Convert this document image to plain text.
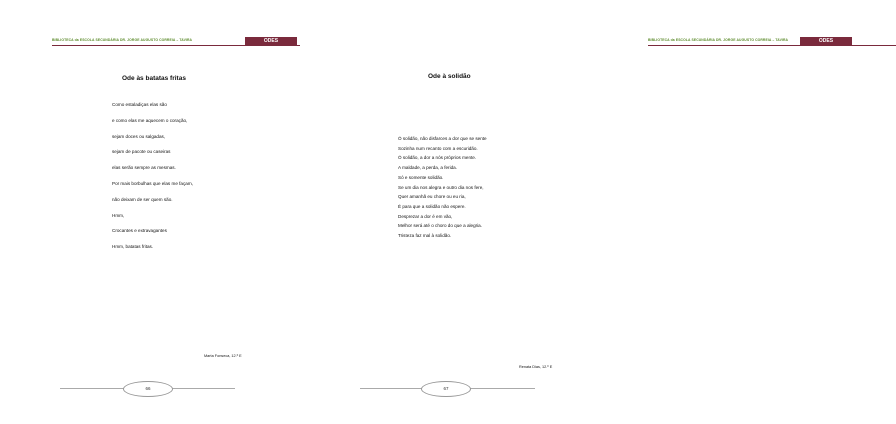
BIBLIOTECA da ESCOLA SECUNDÁRIA DR. JORGE AUGUSTO CORREIA – TAVIRA	ODES
Ode às batatas fritas
Como estaladiças elas são
e como elas me aquecem o coração,
sejam doces ou salgadas,
sejam de pacote ou caseiras
elas serão sempre as mesmas.
Por mais borbulhas que elas me façam,
não deixam de ser quem são.
Hmm,
Crocantes e extravagantes
Hmm, batatas fritas.
Marta Fonseca, 12.º E
66
BIBLIOTECA da ESCOLA SECUNDÁRIA DR. JORGE AUGUSTO CORREIA – TAVIRA	ODES
Ode à solidão
Ó solidão, não disfarces a dor que se sente
Sozinha num recanto com a escuridão.
Ó solidão, a dor a nós próprios mente.
A maldade, a perda, a ferida.
Só e somente solidão.
Se um dia nos alegra e outro dia nos fere,
Quer amanhã eu chore ou eu ria,
É para que a solidão não espere.
Desprezar a dor é em vão,
Melhor será até o choro do que a alegria.
Tristeza faz mal à solidão.
Renata Dias, 12.º E
67
